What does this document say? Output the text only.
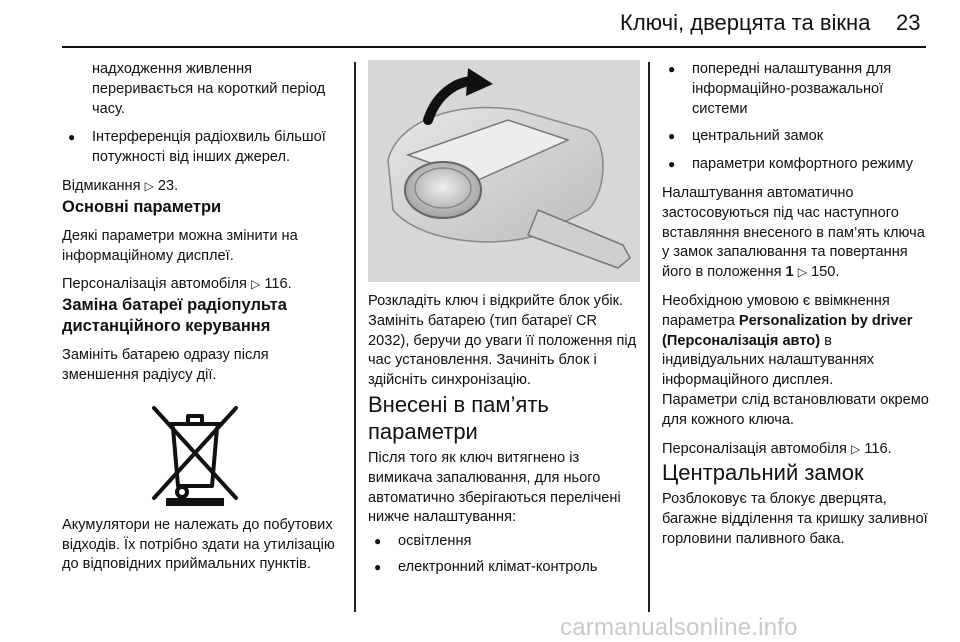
Ключі, дверцята та вікна 23

надходження живлення переривається на короткий період часу.

● Інтерференція радіохвиль більшої потужності від інших джерел.

Відмикання ▷ 23.

Основні параметри

Деякі параметри можна змінити на інформаційному дисплеї.

Персоналізація автомобіля ▷ 116.

Заміна батареї радіопульта дистанційного керування

Замініть батарею одразу після зменшення радіусу дії.

Акумулятори не належать до побутових відходів. Їх потрібно здати на утилізацію до відповідних приймальних пунктів.

Розкладіть ключ і відкрийте блок убік. Замініть батарею (тип батареї CR 2032), беручи до уваги її положення під час установлення. Зачиніть блок і здійсніть синхронізацію.

Внесені в пам’ять параметри

Після того як ключ витягнено із вимикача запалювання, для нього автоматично зберігаються перелічені нижче налаштування:

● освітлення
● електронний клімат-контроль
● попередні налаштування для інформаційно-розважальної системи
● центральний замок
● параметри комфортного режиму

Налаштування автоматично застосовуються під час наступного вставляння внесеного в пам’ять ключа у замок запалювання та повертання його в положення 1 ▷ 150.

Необхідною умовою є ввімкнення параметра Personalization by driver (Персоналізація авто) в індивідуальних налаштуваннях інформаційного дисплея.

Параметри слід встановлювати окремо для кожного ключа.

Персоналізація автомобіля ▷ 116.

Центральний замок

Розблоковує та блокує дверцята, багажне відділення та кришку заливної горловини паливного бака.

carmanualsonline.info
